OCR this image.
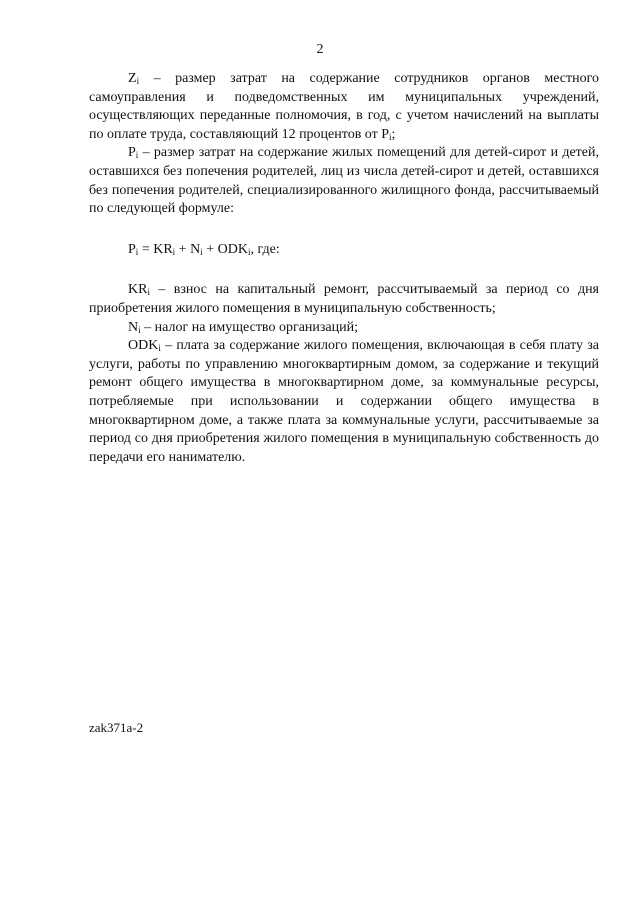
2

$Z_i$ – размер затрат на содержание сотрудников органов местного самоуправления и подведомственных им муниципальных учреждений, осуществляющих переданные полномочия, в год, с учетом начислений на выплаты по оплате труда, составляющий 12 процентов от $P_i$;

$P_i$ – размер затрат на содержание жилых помещений для детей-сирот и детей, оставшихся без попечения родителей, лиц из числа детей-сирот и детей, оставшихся без попечения родителей, специализированного жилищного фонда, рассчитываемый по следующей формуле:

$P_i = KR_i + N_i + ODK_i$, где:

$KR_i$ – взнос на капитальный ремонт, рассчитываемый за период со дня приобретения жилого помещения в муниципальную собственность;

$N_i$ – налог на имущество организаций;

$ODK_i$ – плата за содержание жилого помещения, включающая в себя плату за услуги, работы по управлению многоквартирным домом, за содержание и текущий ремонт общего имущества в многоквартирном доме, за коммунальные ресурсы, потребляемые при использовании и содержании общего имущества в многоквартирном доме, а также плата за коммунальные услуги, рассчитываемые за период со дня приобретения жилого помещения в муниципальную собственность до передачи его нанимателю.

zak371a-2
